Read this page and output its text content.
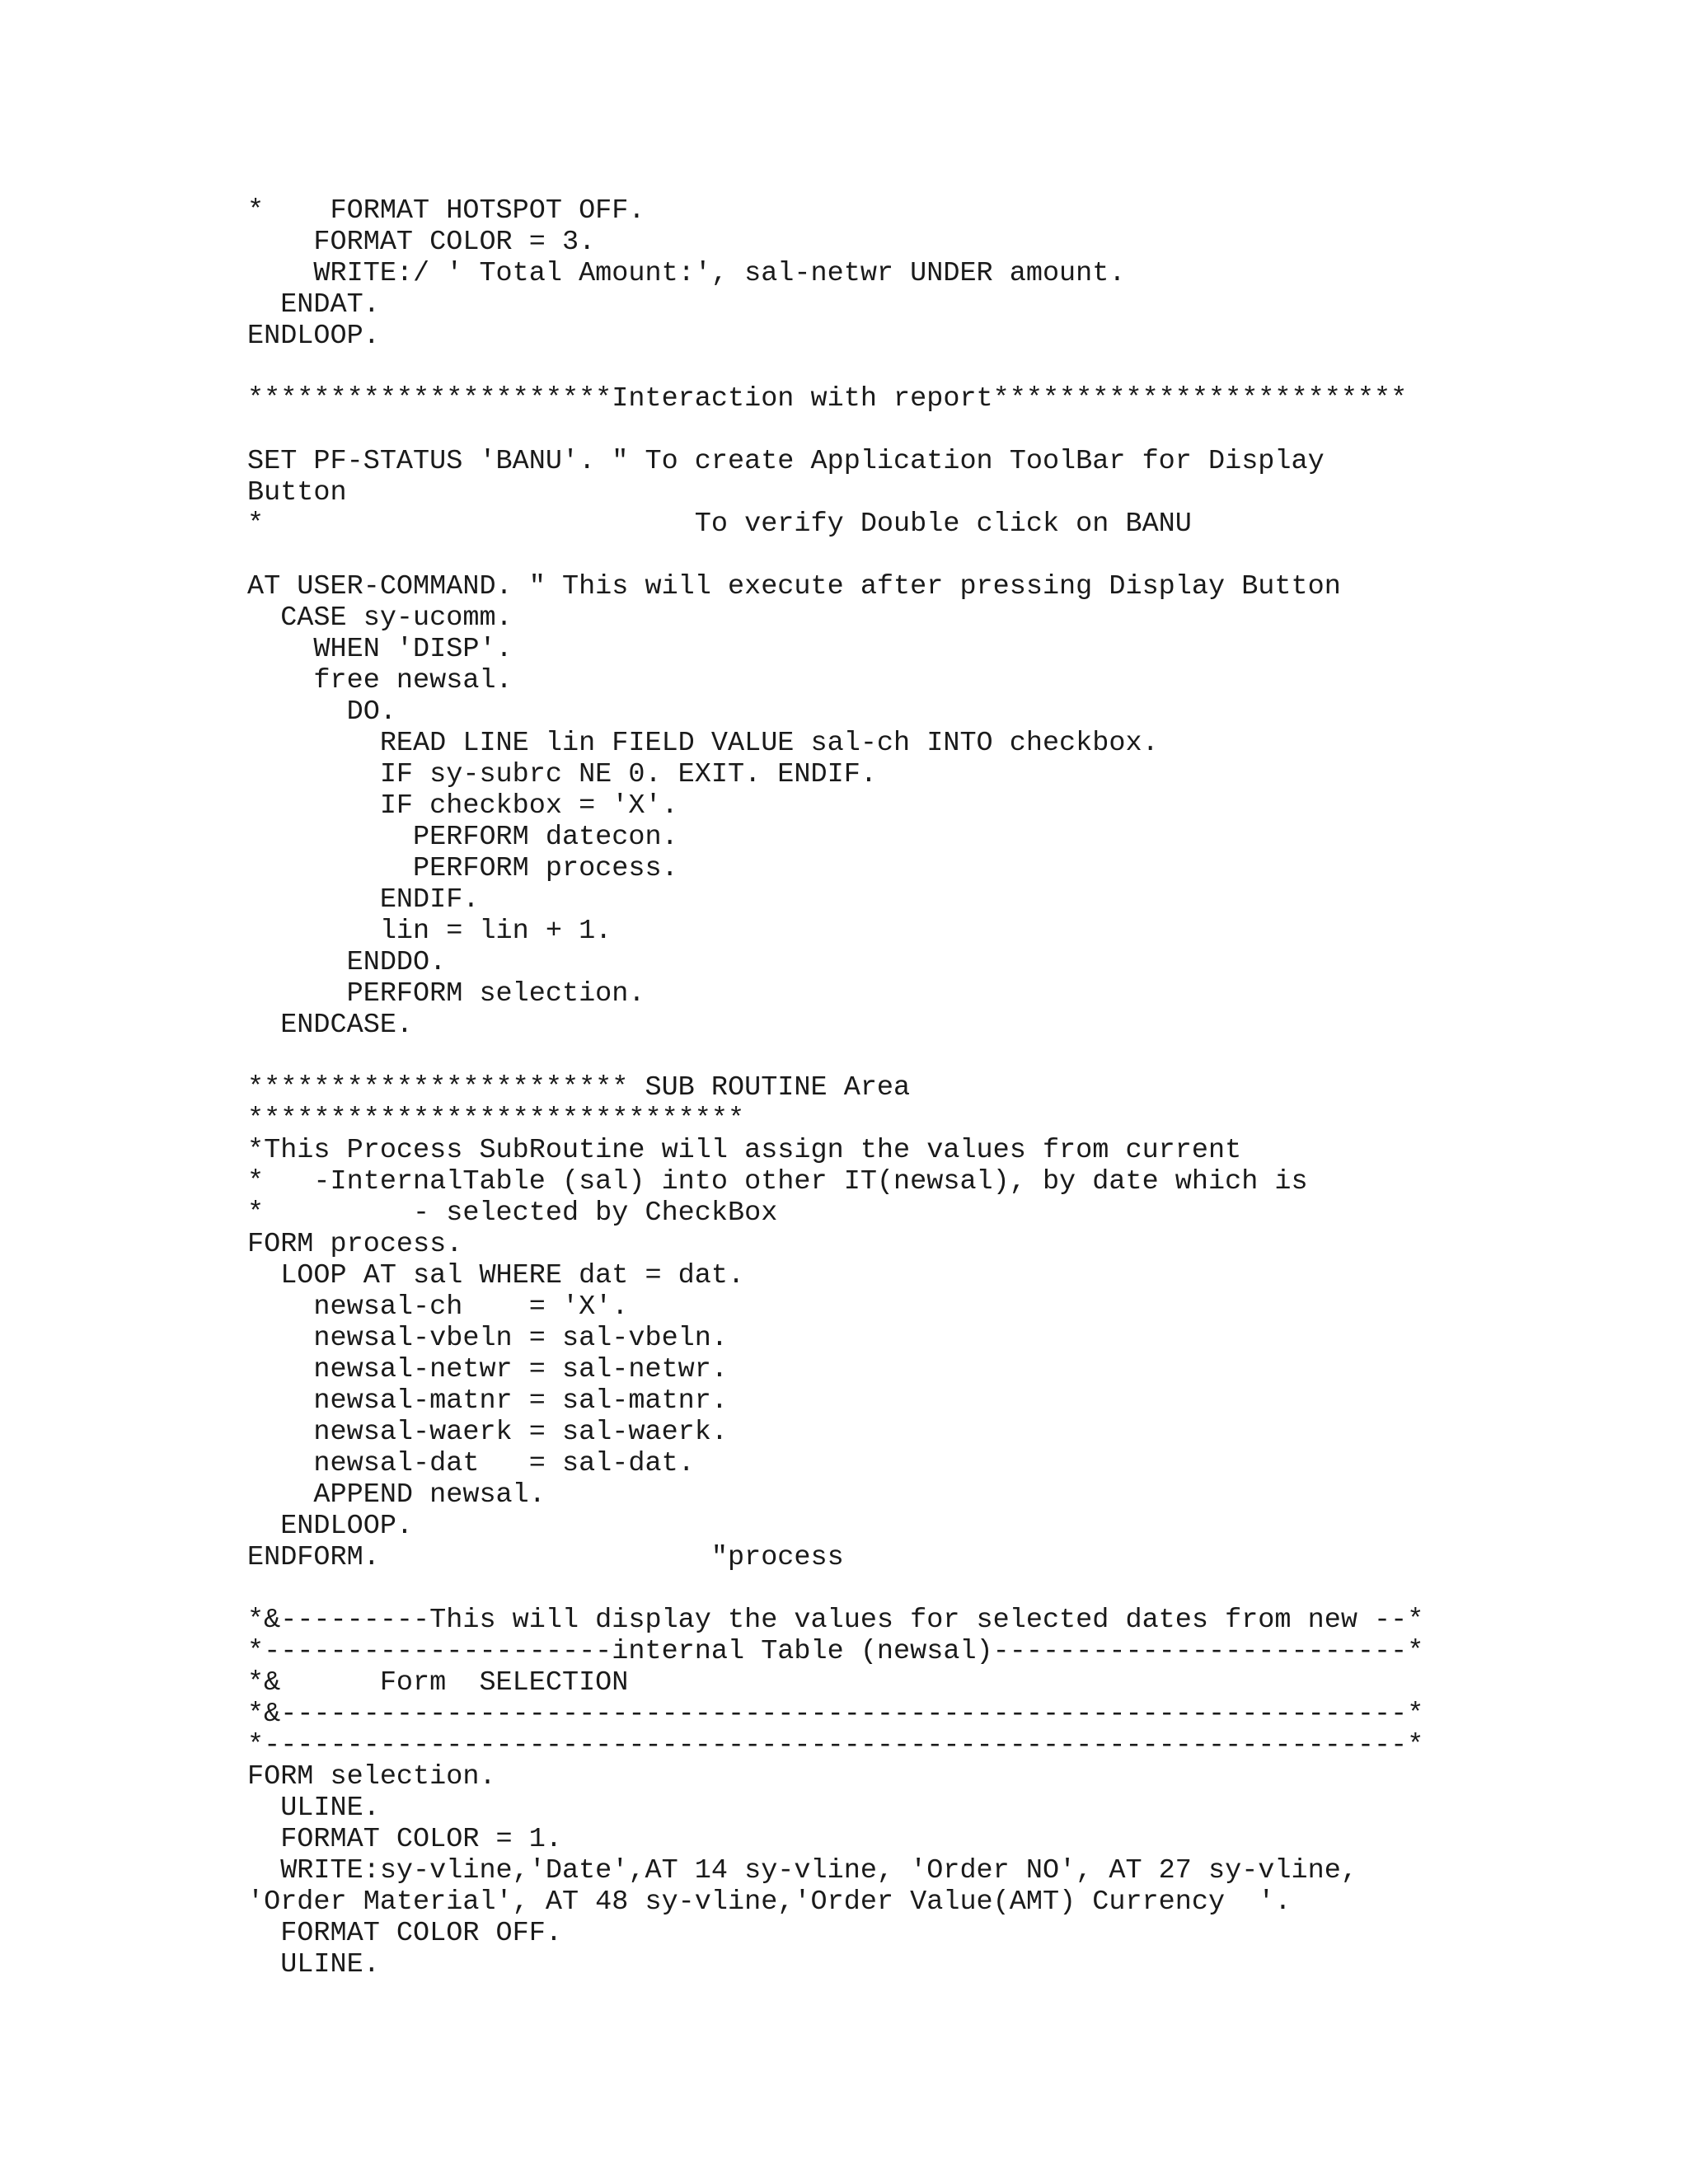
*    FORMAT HOTSPOT OFF.
FORMAT COLOR = 3.
WRITE:/ ' Total Amount:', sal-netwr UNDER amount.
ENDAT.
ENDLOOP.
**********************Interaction with report*************************
SET PF-STATUS 'BANU'. " To create Application ToolBar for Display
Button
*                          To verify Double click on BANU
AT USER-COMMAND. " This will execute after pressing Display Button
CASE sy-ucomm.
WHEN 'DISP'.
free newsal.
DO.
READ LINE lin FIELD VALUE sal-ch INTO checkbox.
IF sy-subrc NE 0. EXIT. ENDIF.
IF checkbox = 'X'.
PERFORM datecon.
PERFORM process.
ENDIF.
lin = lin + 1.
ENDDO.
PERFORM selection.
ENDCASE.
*********************** SUB ROUTINE Area
******************************
*This Process SubRoutine will assign the values from current
*   -InternalTable (sal) into other IT(newsal), by date which is
*         - selected by CheckBox
FORM process.
LOOP AT sal WHERE dat = dat.
newsal-ch    = 'X'.
newsal-vbeln = sal-vbeln.
newsal-netwr = sal-netwr.
newsal-matnr = sal-matnr.
newsal-waerk = sal-waerk.
newsal-dat   = sal-dat.
APPEND newsal.
ENDLOOP.
ENDFORM.                    "process
*&---------This will display the values for selected dates from new --*
*---------------------internal Table (newsal)-------------------------*
*&      Form  SELECTION
*&--------------------------------------------------------------------*
*---------------------------------------------------------------------*
FORM selection.
ULINE.
FORMAT COLOR = 1.
WRITE:sy-vline,'Date',AT 14 sy-vline, 'Order NO', AT 27 sy-vline,
'Order Material', AT 48 sy-vline,'Order Value(AMT) Currency  '.
FORMAT COLOR OFF.
ULINE.
